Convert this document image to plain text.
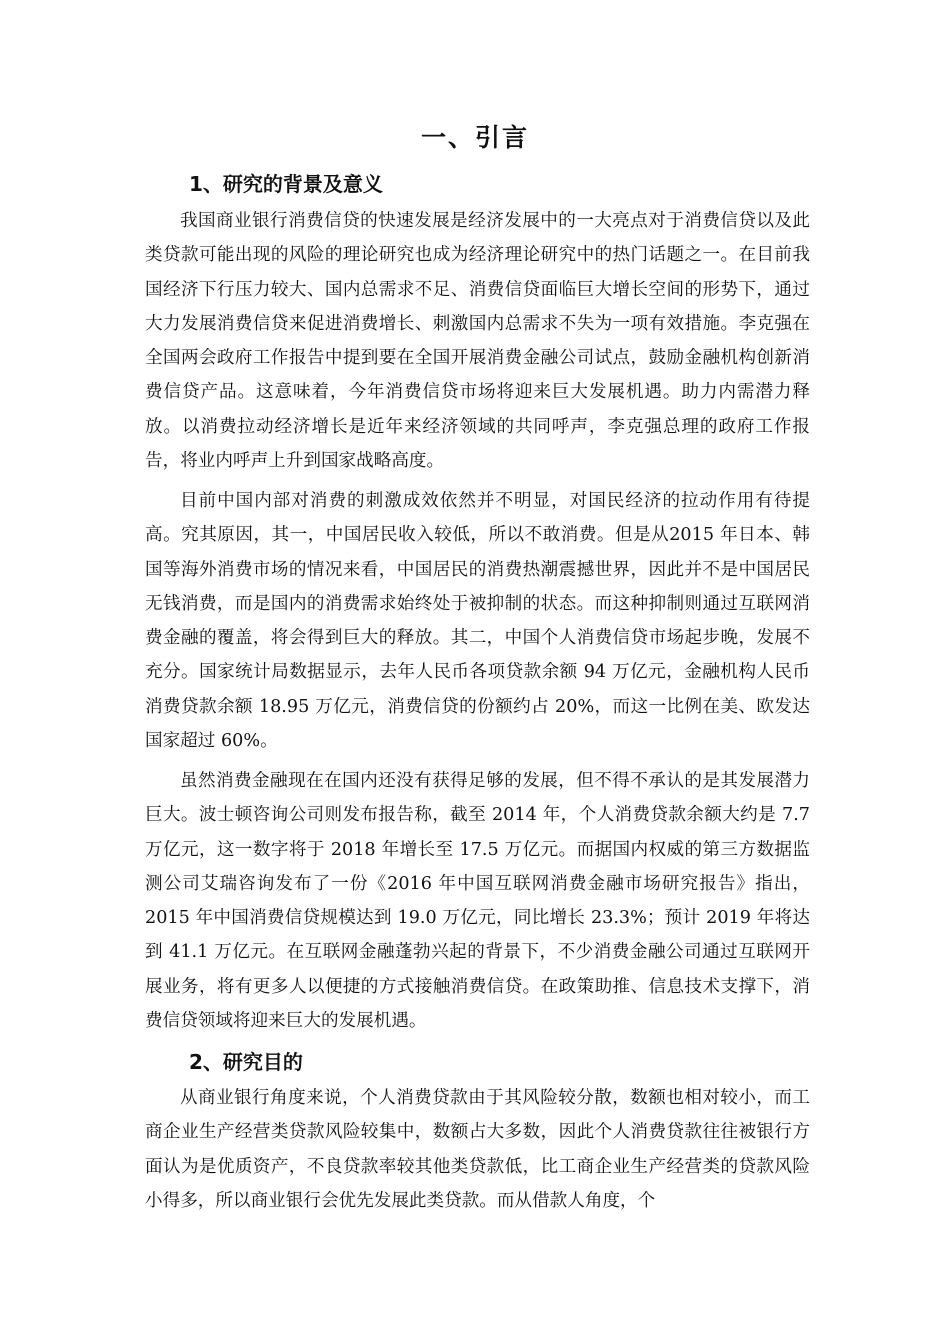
一、引言
1、研究的背景及意义

我国商业银行消费信贷的快速发展是经济发展中的一大亮点对于消费信贷以及此类贷款可能出现的风险的理论研究也成为经济理论研究中的热门话题之一。在目前我国经济下行压力较大、国内总需求不足、消费信贷面临巨大增长空间的形势下，通过大力发展消费信贷来促进消费增长、刺激国内总需求不失为一项有效措施。李克强在全国两会政府工作报告中提到要在全国开展消费金融公司试点，鼓励金融机构创新消费信贷产品。这意味着，今年消费信贷市场将迎来巨大发展机遇。助力内需潜力释放。以消费拉动经济增长是近年来经济领域的共同呼声，李克强总理的政府工作报告，将业内呼声上升到国家战略高度。

目前中国内部对消费的刺激成效依然并不明显，对国民经济的拉动作用有待提高。究其原因，其一，中国居民收入较低，所以不敢消费。但是从2015 年日本、韩国等海外消费市场的情况来看，中国居民的消费热潮震撼世界，因此并不是中国居民无钱消费，而是国内的消费需求始终处于被抑制的状态。而这种抑制则通过互联网消费金融的覆盖，将会得到巨大的释放。其二，中国个人消费信贷市场起步晚，发展不充分。国家统计局数据显示，去年人民币各项贷款余额 94 万亿元，金融机构人民币消费贷款余额 18.95 万亿元，消费信贷的份额约占 20%，而这一比例在美、欧发达国家超过 60%。

虽然消费金融现在在国内还没有获得足够的发展，但不得不承认的是其发展潜力巨大。波士顿咨询公司则发布报告称，截至 2014 年，个人消费贷款余额大约是 7.7 万亿元，这一数字将于 2018 年增长至 17.5 万亿元。而据国内权威的第三方数据监测公司艾瑞咨询发布了一份《2016 年中国互联网消费金融市场研究报告》指出，2015 年中国消费信贷规模达到 19.0 万亿元，同比增长 23.3%；预计 2019 年将达到 41.1 万亿元。在互联网金融蓬勃兴起的背景下，不少消费金融公司通过互联网开展业务，将有更多人以便捷的方式接触消费信贷。在政策助推、信息技术支撑下，消费信贷领域将迎来巨大的发展机遇。

2、研究目的

从商业银行角度来说，个人消费贷款由于其风险较分散，数额也相对较小，而工商企业生产经营类贷款风险较集中，数额占大多数，因此个人消费贷款往往被银行方面认为是优质资产，不良贷款率较其他类贷款低，比工商企业生产经营类的贷款风险小得多，所以商业银行会优先发展此类贷款。而从借款人角度，个
